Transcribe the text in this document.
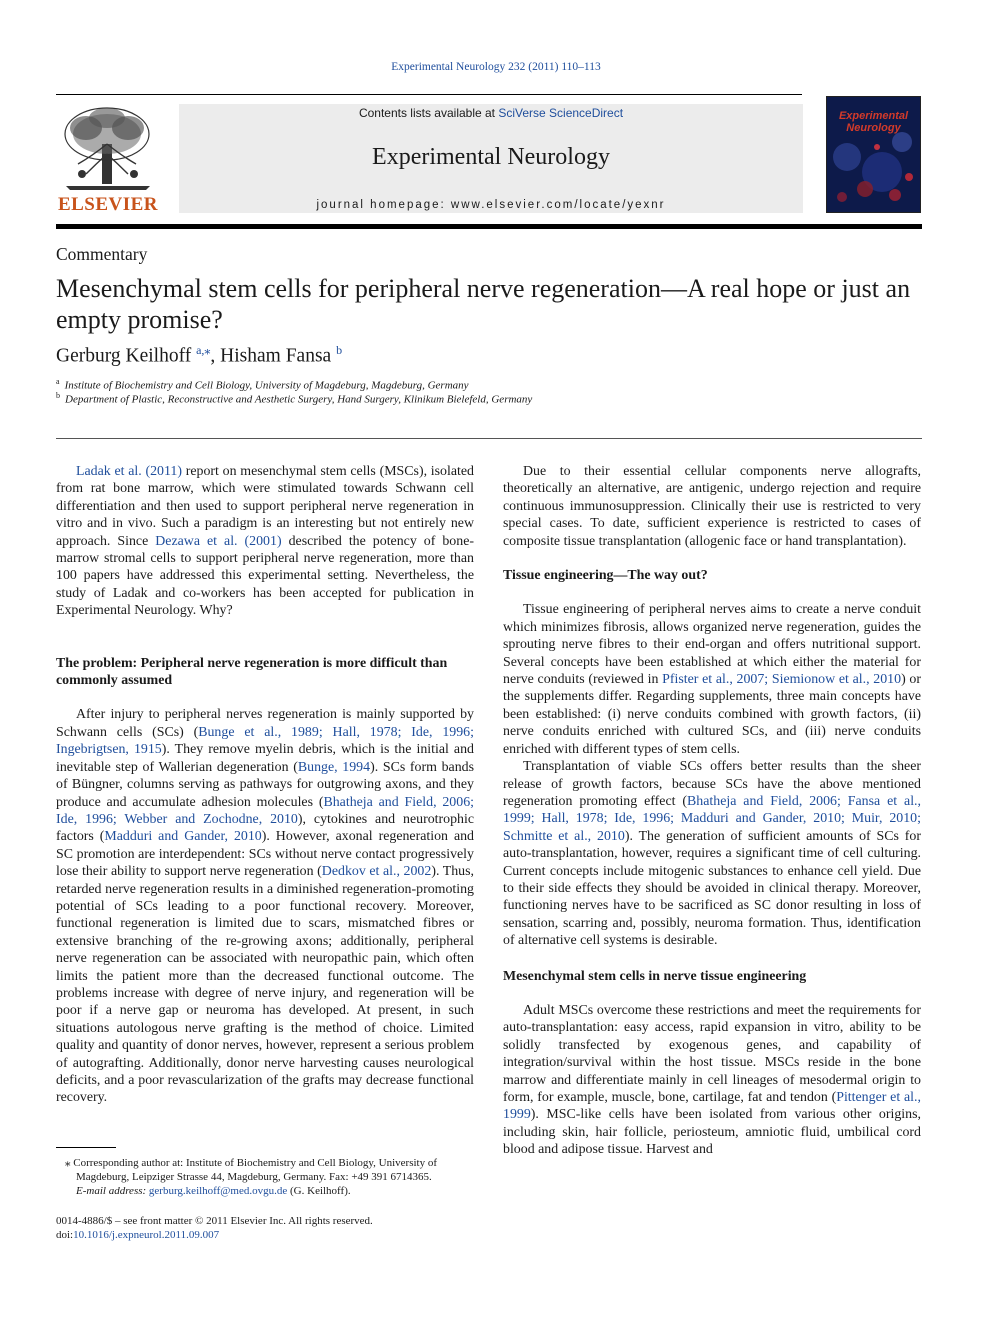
Experimental Neurology 232 (2011) 110–113
ELSEVIER
Contents lists available at SciVerse ScienceDirect
Experimental Neurology
journal homepage: www.elsevier.com/locate/yexnr
Experimental Neurology
Commentary
Mesenchymal stem cells for peripheral nerve regeneration—A real hope or just an empty promise?
Gerburg Keilhoff $^{a,⁎}$, Hisham Fansa $^b$
$^a$ Institute of Biochemistry and Cell Biology, University of Magdeburg, Magdeburg, Germany
$^b$ Department of Plastic, Reconstructive and Aesthetic Surgery, Hand Surgery, Klinikum Bielefeld, Germany

Ladak et al. (2011) report on mesenchymal stem cells (MSCs), isolated from rat bone marrow, which were stimulated towards Schwann cell differentiation and then used to support peripheral nerve regeneration in vitro and in vivo. Such a paradigm is an interesting but not entirely new approach. Since Dezawa et al. (2001) described the potency of bone-marrow stromal cells to support peripheral nerve regeneration, more than 100 papers have addressed this experimental setting. Nevertheless, the study of Ladak and co-workers has been accepted for publication in Experimental Neurology. Why?

The problem: Peripheral nerve regeneration is more difficult than commonly assumed

After injury to peripheral nerves regeneration is mainly supported by Schwann cells (SCs) (Bunge et al., 1989; Hall, 1978; Ide, 1996; Ingebrigtsen, 1915). They remove myelin debris, which is the initial and inevitable step of Wallerian degeneration (Bunge, 1994). SCs form bands of Büngner, columns serving as pathways for outgrowing axons, and they produce and accumulate adhesion molecules (Bhatheja and Field, 2006; Ide, 1996; Webber and Zochodne, 2010), cytokines and neurotrophic factors (Madduri and Gander, 2010). However, axonal regeneration and SC promotion are interdependent: SCs without nerve contact progressively lose their ability to support nerve regeneration (Dedkov et al., 2002). Thus, retarded nerve regeneration results in a diminished regeneration-promoting potential of SCs leading to a poor functional recovery. Moreover, functional regeneration is limited due to scars, mismatched fibres or extensive branching of the re-growing axons; additionally, peripheral nerve regeneration can be associated with neuropathic pain, which often limits the patient more than the decreased functional outcome. The problems increase with degree of nerve injury, and regeneration will be poor if a nerve gap or neuroma has developed. At present, in such situations autologous nerve grafting is the method of choice. Limited quality and quantity of donor nerves, however, represent a serious problem of autografting. Additionally, donor nerve harvesting causes neurological deficits, and a poor revascularization of the grafts may decrease functional recovery.

Due to their essential cellular components nerve allografts, theoretically an alternative, are antigenic, undergo rejection and require continuous immunosuppression. Clinically their use is restricted to very special cases. To date, sufficient experience is restricted to cases of composite tissue transplantation (allogenic face or hand transplantation).

Tissue engineering—The way out?

Tissue engineering of peripheral nerves aims to create a nerve conduit which minimizes fibrosis, allows organized nerve regeneration, guides the sprouting nerve fibres to their end-organ and offers nutritional support. Several concepts have been established at which either the material for nerve conduits (reviewed in Pfister et al., 2007; Siemionow et al., 2010) or the supplements differ. Regarding supplements, three main concepts have been established: (i) nerve conduits combined with growth factors, (ii) nerve conduits enriched with cultured SCs, and (iii) nerve conduits enriched with different types of stem cells.

Transplantation of viable SCs offers better results than the sheer release of growth factors, because SCs have the above mentioned regeneration promoting effect (Bhatheja and Field, 2006; Fansa et al., 1999; Hall, 1978; Ide, 1996; Madduri and Gander, 2010; Muir, 2010; Schmitte et al., 2010). The generation of sufficient amounts of SCs for auto-transplantation, however, requires a significant time of cell culturing. Current concepts include mitogenic substances to enhance cell yield. Due to their side effects they should be avoided in clinical therapy. Moreover, functioning nerves have to be sacrificed as SC donor resulting in loss of sensation, scarring and, possibly, neuroma formation. Thus, identification of alternative cell systems is desirable.

Mesenchymal stem cells in nerve tissue engineering

Adult MSCs overcome these restrictions and meet the requirements for auto-transplantation: easy access, rapid expansion in vitro, ability to be solidly transfected by exogenous genes, and capability of integration/survival within the host tissue. MSCs reside in the bone marrow and differentiate mainly in cell lineages of mesodermal origin to form, for example, muscle, bone, cartilage, fat and tendon (Pittenger et al., 1999). MSC-like cells have been isolated from various other origins, including skin, hair follicle, periosteum, amniotic fluid, umbilical cord blood and adipose tissue. Harvest and

⁎ Corresponding author at: Institute of Biochemistry and Cell Biology, University of Magdeburg, Leipziger Strasse 44, Magdeburg, Germany. Fax: +49 391 6714365.
E-mail address: gerburg.keilhoff@med.ovgu.de (G. Keilhoff).
0014-4886/$ – see front matter © 2011 Elsevier Inc. All rights reserved.
doi:10.1016/j.expneurol.2011.09.007
